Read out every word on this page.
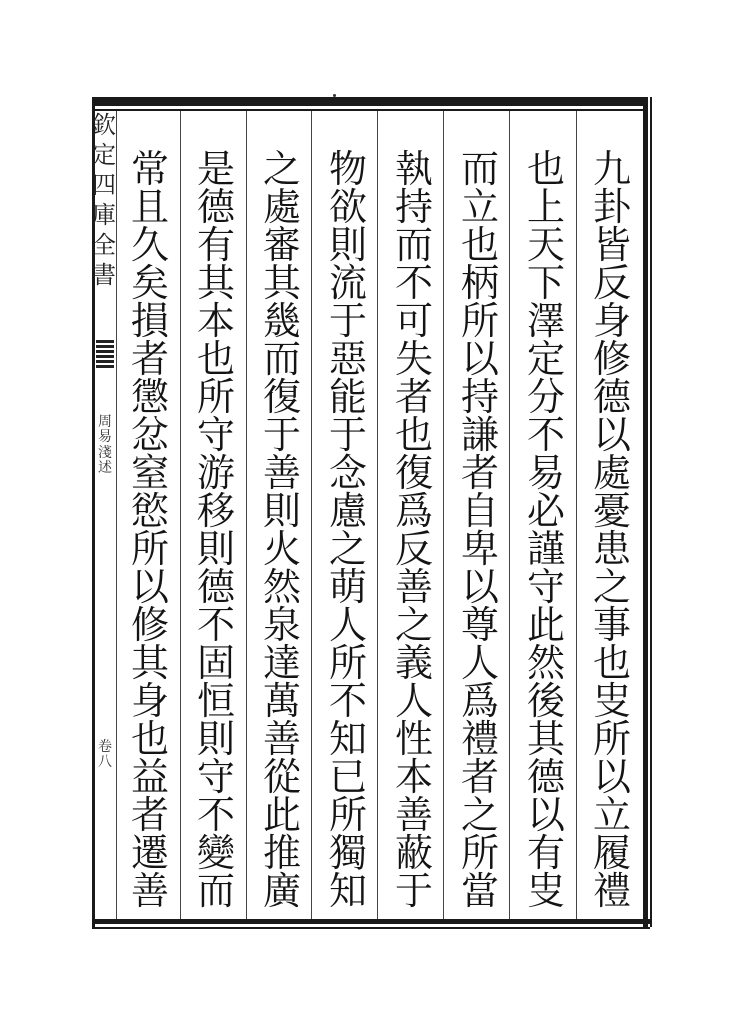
欽
定
四
庫
全
書
周
易
淺
述
卷
八
九
卦
皆
反
身
修
德
以
處
憂
患
之
事
也
㕜
所
以
立
履
禮
也
上
天
下
澤
定
分
不
易
必
謹
守
此
然
後
其
德
以
有
㕜
而
立
也
柄
所
以
持
謙
者
自
卑
以
尊
人
爲
禮
者
之
所
當
執
持
而
不
可
失
者
也
復
爲
反
善
之
義
人
性
本
善
蔽
于
物
欲
則
流
于
惡
能
于
念
慮
之
萌
人
所
不
知
已
所
獨
知
之
處
審
其
㡬
而
復
于
善
則
火
然
泉
達
萬
善
從
此
推
廣
是
德
有
其
本
也
所
守
游
移
則
德
不
固
恒
則
守
不
變
而
常
且
久
矣
損
者
懲
忿
窒
慾
所
以
修
其
身
也
益
者
遷
善
